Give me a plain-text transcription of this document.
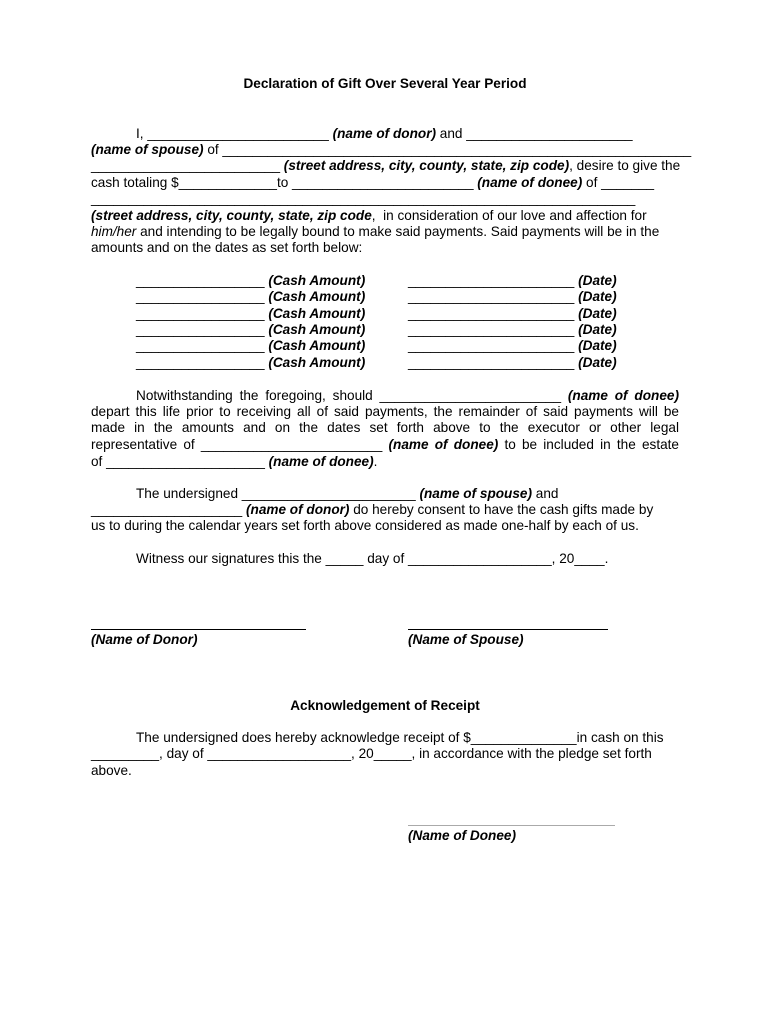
Declaration of Gift Over Several Year Period
I, ________________________ (name of donor) and ______________________
(name of spouse) of ______________________________________________________________
_________________________ (street address, city, county, state, zip code), desire to give the
cash totaling $_____________to ________________________ (name of donee) of _______
________________________________________________________________________
(street address, city, county, state, zip code,  in consideration of our love and affection for
him/her and intending to be legally bound to make said payments. Said payments will be in the
amounts and on the dates as set forth below:
_________________ (Cash Amount)	______________________ (Date)
_________________ (Cash Amount)	______________________ (Date)
_________________ (Cash Amount)	______________________ (Date)
_________________ (Cash Amount)	______________________ (Date)
_________________ (Cash Amount)	______________________ (Date)
_________________ (Cash Amount)	______________________ (Date)
Notwithstanding the foregoing, should ________________________ (name of donee)
depart this life prior to receiving all of said payments, the remainder of said payments will be
made in the amounts and on the dates set forth above to the executor or other legal
representative of ________________________ (name of donee) to be included in the estate
of _____________________ (name of donee).
The undersigned _______________________ (name of spouse) and
____________________ (name of donor) do hereby consent to have the cash gifts made by
us to during the calendar years set forth above considered as made one-half by each of us.
Witness our signatures this the _____ day of ___________________, 20____.
(Name of Donor)	(Name of Spouse)
Acknowledgement of Receipt
The undersigned does hereby acknowledge receipt of $______________in cash on this
_________, day of ___________________, 20_____, in accordance with the pledge set forth
above.
(Name of Donee)
